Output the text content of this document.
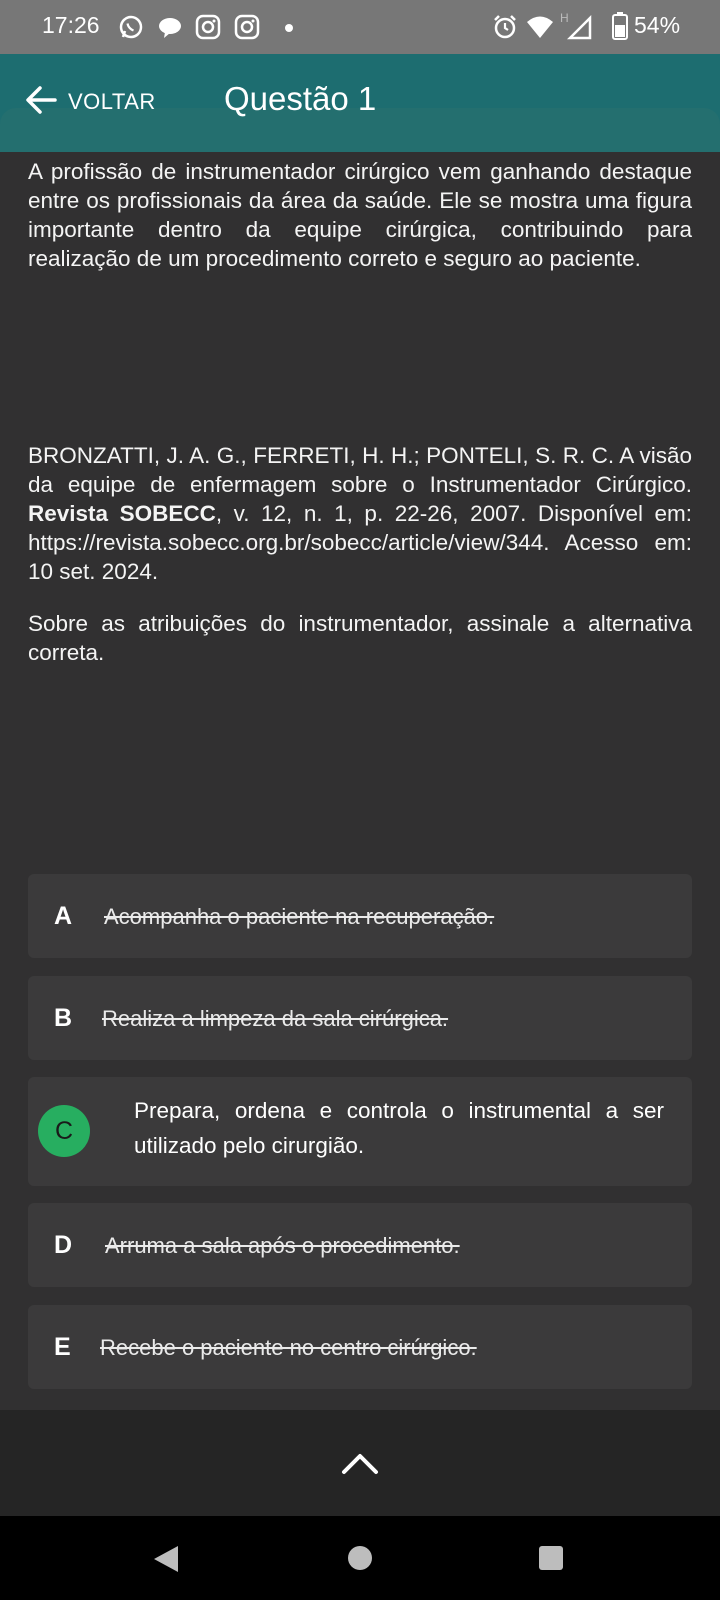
17:26	H	54%
VOLTAR Questão 1
A profissão de instrumentador cirúrgico vem ganhando destaque entre os profissionais da área da saúde. Ele se mostra uma figura importante dentro da equipe cirúrgica, contribuindo para realização de um procedimento correto e seguro ao paciente.
BRONZATTI, J. A. G., FERRETI, H. H.; PONTELI, S. R. C. A visão da equipe de enfermagem sobre o Instrumentador Cirúrgico. Revista SOBECC, v. 12, n. 1, p. 22-26, 2007. Disponível em: https://revista.sobecc.org.br/sobecc/article/view/344. Acesso em: 10 set. 2024.
Sobre as atribuições do instrumentador, assinale a alternativa correta.
A Acompanha o paciente na recuperação.
B Realiza a limpeza da sala cirúrgica.
C
Prepara, ordena e controla o instrumental a ser utilizado pelo cirurgião.
D Arruma a sala após o procedimento.
E Recebe o paciente no centro cirúrgico.
